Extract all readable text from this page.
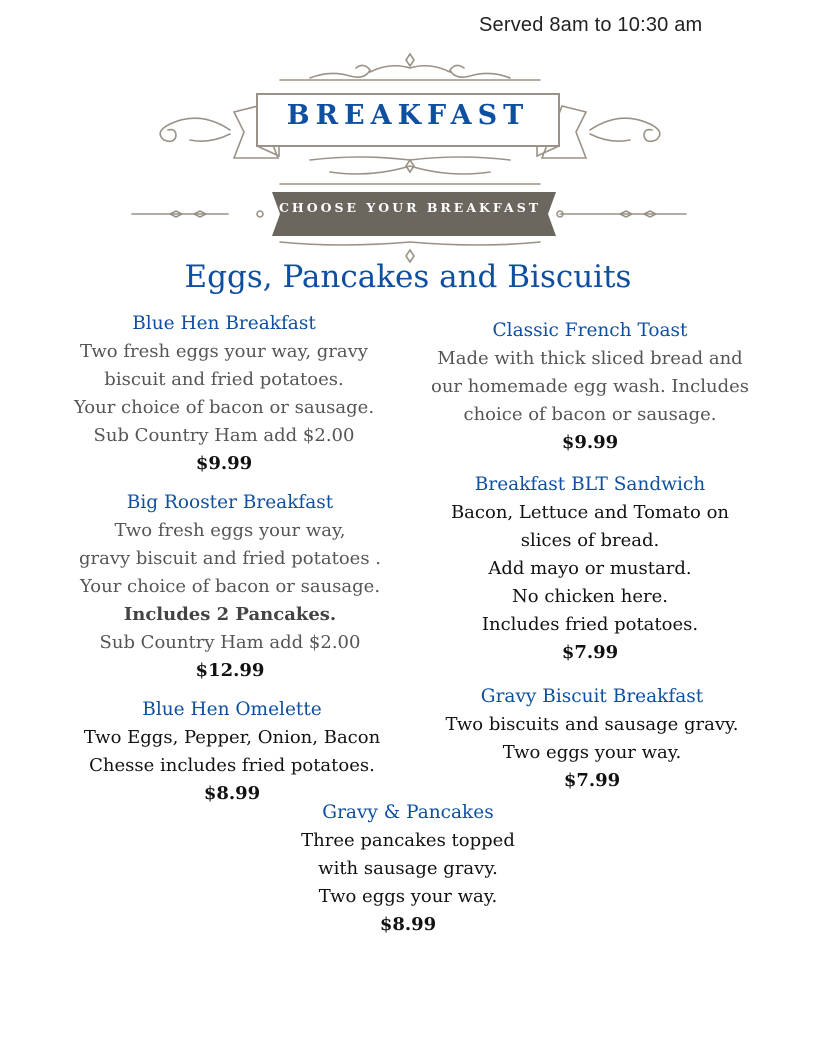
Served 8am to 10:30 am
BREAKFAST
CHOOSE YOUR BREAKFAST
Eggs, Pancakes and Biscuits
Blue Hen Breakfast
Two fresh eggs your way, gravy
biscuit and fried potatoes.
Your choice of bacon or sausage.
Sub Country Ham add $2.00
$9.99
Big Rooster Breakfast
Two fresh eggs your way,
gravy biscuit and fried potatoes .
Your choice of bacon or sausage.
Includes 2 Pancakes.
Sub Country Ham add $2.00
$12.99
Blue Hen Omelette
Two Eggs, Pepper, Onion, Bacon
Chesse includes fried potatoes.
$8.99
Classic French Toast
Made with thick sliced bread and
our homemade egg wash. Includes
choice of bacon or sausage.
$9.99
Breakfast BLT Sandwich
Bacon, Lettuce and Tomato on
slices of bread.
Add mayo or mustard.
No chicken here.
Includes fried potatoes.
$7.99
Gravy Biscuit Breakfast
Two biscuits and sausage gravy.
Two eggs your way.
$7.99
Gravy & Pancakes
Three pancakes topped
with sausage gravy.
Two eggs your way.
$8.99
